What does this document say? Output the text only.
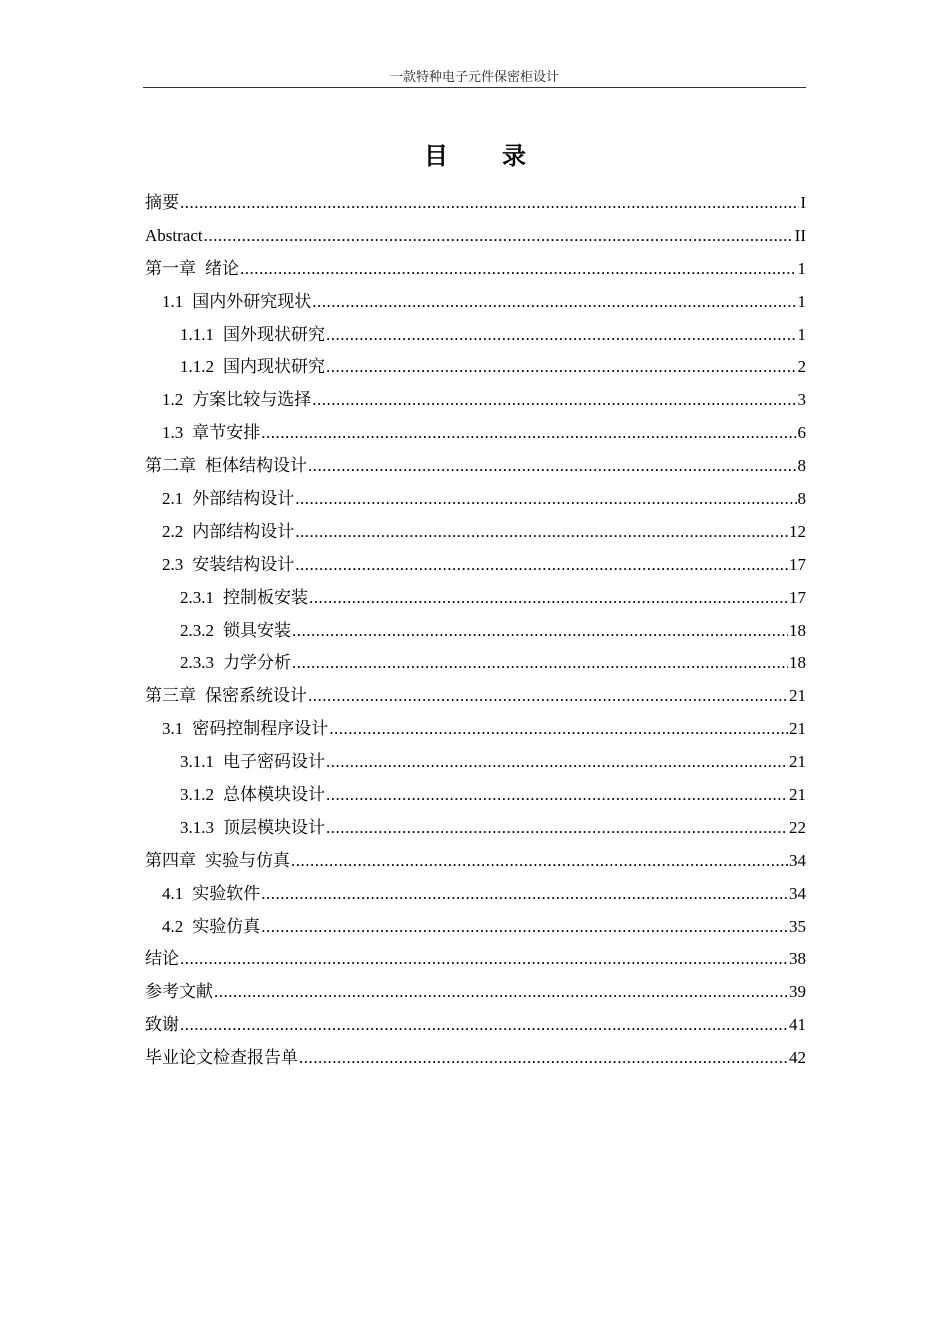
一款特种电子元件保密柜设计
目 录
摘要 .....	I
Abstract .....	II
第一章 绪论 .....	1
1.1 国内外研究现状 .....	1
1.1.1 国外现状研究 .....	1
1.1.2 国内现状研究 .....	2
1.2 方案比较与选择 .....	3
1.3 章节安排 .....	6
第二章 柜体结构设计 .....	8
2.1 外部结构设计 .....	8
2.2 内部结构设计 .....	12
2.3 安装结构设计 .....	17
2.3.1 控制板安装 .....	17
2.3.2 锁具安装 .....	18
2.3.3 力学分析 .....	18
第三章 保密系统设计 .....	21
3.1 密码控制程序设计 .....	21
3.1.1 电子密码设计 .....	21
3.1.2 总体模块设计 .....	21
3.1.3 顶层模块设计 .....	22
第四章 实验与仿真 .....	34
4.1 实验软件 .....	34
4.2 实验仿真 .....	35
结论 .....	38
参考文献 .....	39
致谢 .....	41
毕业论文检查报告单 .....	42
